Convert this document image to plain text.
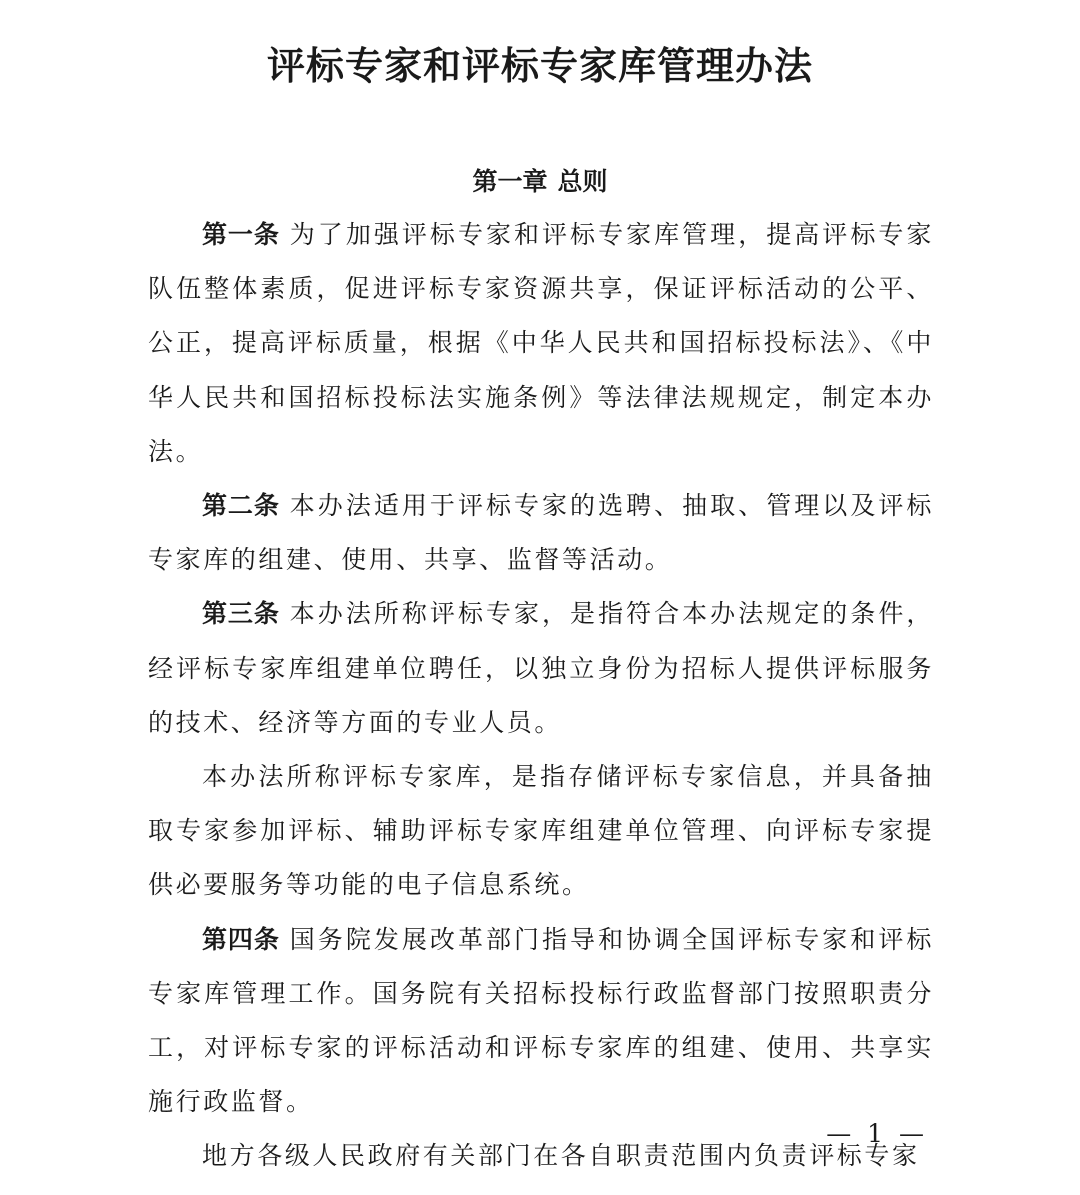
评标专家和评标专家库管理办法
第一章 总则

第一条 为了加强评标专家和评标专家库管理，提高评标专家队伍整体素质，促进评标专家资源共享，保证评标活动的公平、公正，提高评标质量，根据《中华人民共和国招标投标法》、《中华人民共和国招标投标法实施条例》等法律法规规定，制定本办法。

第二条 本办法适用于评标专家的选聘、抽取、管理以及评标专家库的组建、使用、共享、监督等活动。

第三条 本办法所称评标专家，是指符合本办法规定的条件，经评标专家库组建单位聘任，以独立身份为招标人提供评标服务的技术、经济等方面的专业人员。

本办法所称评标专家库，是指存储评标专家信息，并具备抽取专家参加评标、辅助评标专家库组建单位管理、向评标专家提供必要服务等功能的电子信息系统。

第四条 国务院发展改革部门指导和协调全国评标专家和评标专家库管理工作。国务院有关招标投标行政监督部门按照职责分工，对评标专家的评标活动和评标专家库的组建、使用、共享实施行政监督。

地方各级人民政府有关部门在各自职责范围内负责评标专家

— 1 —
